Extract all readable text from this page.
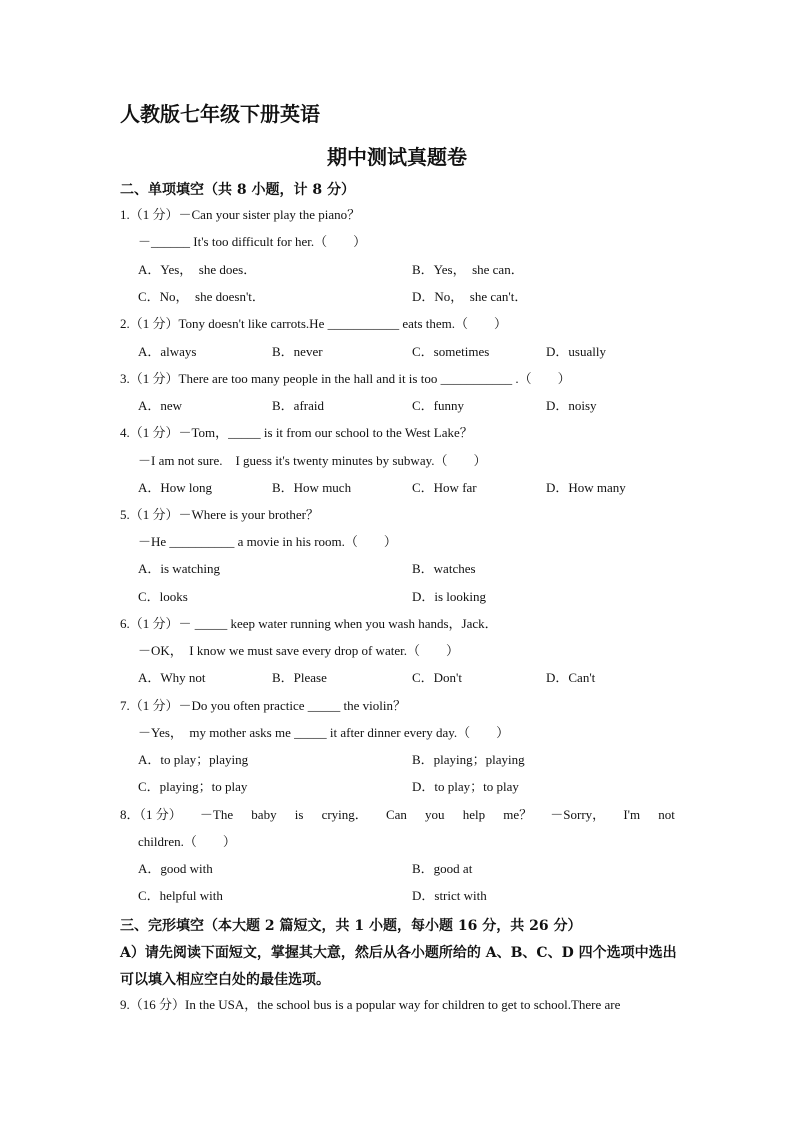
人教版七年级下册英语
期中测试真题卷
二、单项填空（共 8 小题，计 8 分）
1.（1 分）－Can your sister play the piano？
－______ It's too difficult for her.（　　）
A．Yes，　she does．	B．Yes，　she can．
C．No，　she doesn't．	D．No，　she can't．
2.（1 分）Tony doesn't like carrots.He ___________ eats them.（　　）
A．always	B．never	C．sometimes	D．usually
3.（1 分）There are too many people in the hall and it is too ___________ .（　　）
A．new	B．afraid	C．funny	D．noisy
4.（1 分）－Tom，_____ is it from our school to the West Lake？
－I am not sure.　I guess it's twenty minutes by subway.（　　）
A．How long	B．How much	C．How far	D．How many
5.（1 分）－Where is your brother？
－He __________ a movie in his room.（　　）
A．is watching	B．watches
C．looks	D．is looking
6.（1 分）－ _____ keep water running when you wash hands，Jack．
－OK，　I know we must save every drop of water.（　　）
A．Why not	B．Please	C．Don't	D．Can't
7.（1 分）－Do you often practice _____ the violin？
－Yes，　my mother asks me _____ it after dinner every day.（　　）
A．to play；playing	B．playing；playing
C．playing；to play	D．to play；to play
8．（1 分） －The baby is crying． Can you help me？ －Sorry， I'm not
children.（　　）
A．good with	B．good at
C．helpful with	D．strict with
三、完形填空（本大题 2 篇短文，共 1 小题，每小题 16 分，共 26 分）
A）请先阅读下面短文，掌握其大意，然后从各小题所给的 A、B、C、D 四个选项中选出
可以填入相应空白处的最佳选项。
9.（16 分）In the USA，the school bus is a popular way for children to get to school.There are
